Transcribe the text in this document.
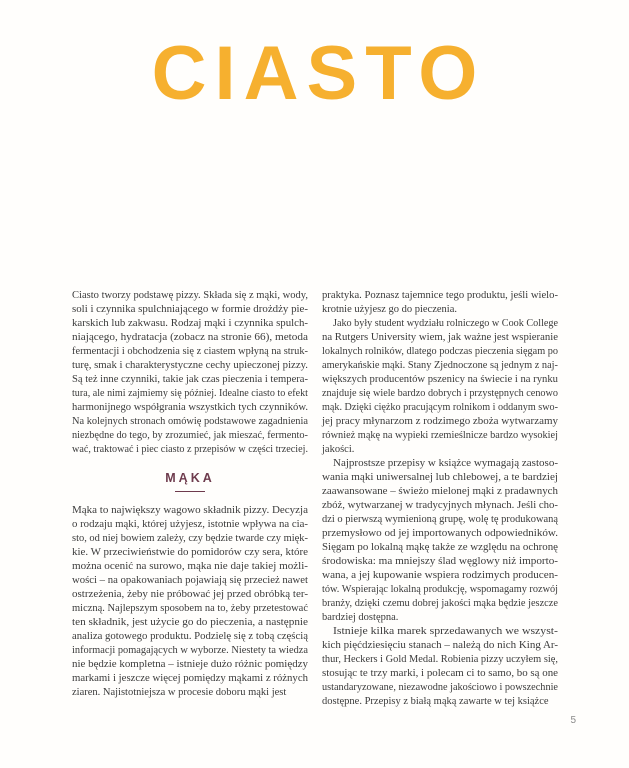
CIASTO
Ciasto tworzy podstawę pizzy. Składa się z mąki, wody,
soli i czynnika spulchniającego w formie drożdży pie-
karskich lub zakwasu. Rodzaj mąki i czynnika spulch-
niającego, hydratacja (zobacz na stronie 66), metoda
fermentacji i obchodzenia się z ciastem wpłyną na struk-
turę, smak i charakterystyczne cechy upieczonej pizzy.
Są też inne czynniki, takie jak czas pieczenia i tempera-
tura, ale nimi zajmiemy się później. Idealne ciasto to efekt
harmonijnego współgrania wszystkich tych czynników.
Na kolejnych stronach omówię podstawowe zagadnienia
niezbędne do tego, by zrozumieć, jak mieszać, fermento-
wać, traktować i piec ciasto z przepisów w części trzeciej.
MĄKA
Mąka to największy wagowo składnik pizzy. Decyzja
o rodzaju mąki, której użyjesz, istotnie wpływa na cia-
sto, od niej bowiem zależy, czy będzie twarde czy mięk-
kie. W przeciwieństwie do pomidorów czy sera, które
można ocenić na surowo, mąka nie daje takiej możli-
wości – na opakowaniach pojawiają się przecież nawet
ostrzeżenia, żeby nie próbować jej przed obróbką ter-
miczną. Najlepszym sposobem na to, żeby przetestować
ten składnik, jest użycie go do pieczenia, a następnie
analiza gotowego produktu. Podzielę się z tobą częścią
informacji pomagających w wyborze. Niestety ta wiedza
nie będzie kompletna – istnieje dużo różnic pomiędzy
markami i jeszcze więcej pomiędzy mąkami z różnych
ziaren. Najistotniejsza w procesie doboru mąki jest
praktyka. Poznasz tajemnice tego produktu, jeśli wielo-
krotnie użyjesz go do pieczenia.
Jako były student wydziału rolniczego w Cook College
na Rutgers University wiem, jak ważne jest wspieranie
lokalnych rolników, dlatego podczas pieczenia sięgam po
amerykańskie mąki. Stany Zjednoczone są jednym z naj-
większych producentów pszenicy na świecie i na rynku
znajduje się wiele bardzo dobrych i przystępnych cenowo
mąk. Dzięki ciężko pracującym rolnikom i oddanym swo-
jej pracy młynarzom z rodzimego zboża wytwarzamy
również mąkę na wypieki rzemieślnicze bardzo wysokiej
jakości.
Najprostsze przepisy w książce wymagają zastoso-
wania mąki uniwersalnej lub chlebowej, a te bardziej
zaawansowane – świeżo mielonej mąki z pradawnych
zbóż, wytwarzanej w tradycyjnych młynach. Jeśli cho-
dzi o pierwszą wymienioną grupę, wolę tę produkowaną
przemysłowo od jej importowanych odpowiedników.
Sięgam po lokalną mąkę także ze względu na ochronę
środowiska: ma mniejszy ślad węglowy niż importo-
wana, a jej kupowanie wspiera rodzimych producen-
tów. Wspierając lokalną produkcję, wspomagamy rozwój
branży, dzięki czemu dobrej jakości mąka będzie jeszcze
bardziej dostępna.
Istnieje kilka marek sprzedawanych we wszyst-
kich pięćdziesięciu stanach – należą do nich King Ar-
thur, Heckers i Gold Medal. Robienia pizzy uczyłem się,
stosując te trzy marki, i polecam ci to samo, bo są one
ustandaryzowane, niezawodne jakościowo i powszechnie
dostępne. Przepisy z białą mąką zawarte w tej książce
5
